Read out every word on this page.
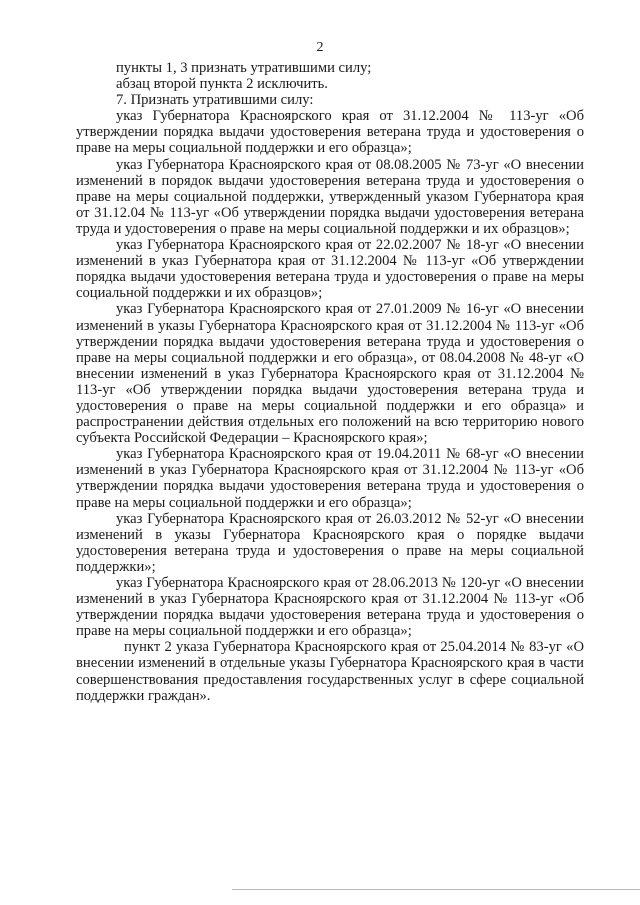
2

пункты 1, 3 признать утратившими силу;

абзац второй пункта 2 исключить.

7. Признать утратившими силу:

указ Губернатора Красноярского края от 31.12.2004 № 113-уг «Об утверждении порядка выдачи удостоверения ветерана труда и удостоверения о праве на меры социальной поддержки и его образца»;

указ Губернатора Красноярского края от 08.08.2005 № 73-уг «О внесении изменений в порядок выдачи удостоверения ветерана труда и удостоверения о праве на меры социальной поддержки, утвержденный указом Губернатора края от 31.12.04 № 113-уг «Об утверждении порядка выдачи удостоверения ветерана труда и удостоверения о праве на меры социальной поддержки и их образцов»;

указ Губернатора Красноярского края от 22.02.2007 № 18-уг «О внесении изменений в указ Губернатора края от 31.12.2004 № 113-уг «Об утверждении порядка выдачи удостоверения ветерана труда и удостоверения о праве на меры социальной поддержки и их образцов»;

указ Губернатора Красноярского края от 27.01.2009 № 16-уг «О внесении изменений в указы Губернатора Красноярского края от 31.12.2004 № 113-уг «Об утверждении порядка выдачи удостоверения ветерана труда и удостоверения о праве на меры социальной поддержки и его образца», от 08.04.2008 № 48-уг «О внесении изменений в указ Губернатора Красноярского края от 31.12.2004 № 113-уг «Об утверждении порядка выдачи удостоверения ветерана труда и удостоверения о праве на меры социальной поддержки и его образца» и распространении действия отдельных его положений на всю территорию нового субъекта Российской Федерации – Красноярского края»;

указ Губернатора Красноярского края от 19.04.2011 № 68-уг «О внесении изменений в указ Губернатора Красноярского края от 31.12.2004 № 113-уг «Об утверждении порядка выдачи удостоверения ветерана труда и удостоверения о праве на меры социальной поддержки и его образца»;

указ Губернатора Красноярского края от 26.03.2012 № 52-уг «О внесении изменений в указы Губернатора Красноярского края о порядке выдачи удостоверения ветерана труда и удостоверения о праве на меры социальной поддержки»;

указ Губернатора Красноярского края от 28.06.2013 № 120-уг «О внесении изменений в указ Губернатора Красноярского края от 31.12.2004 № 113-уг «Об утверждении порядка выдачи удостоверения ветерана труда и удостоверения о праве на меры социальной поддержки и его образца»;

пункт 2 указа Губернатора Красноярского края от 25.04.2014 № 83-уг «О внесении изменений в отдельные указы Губернатора Красноярского края в части совершенствования предоставления государственных услуг в сфере социальной поддержки граждан».
